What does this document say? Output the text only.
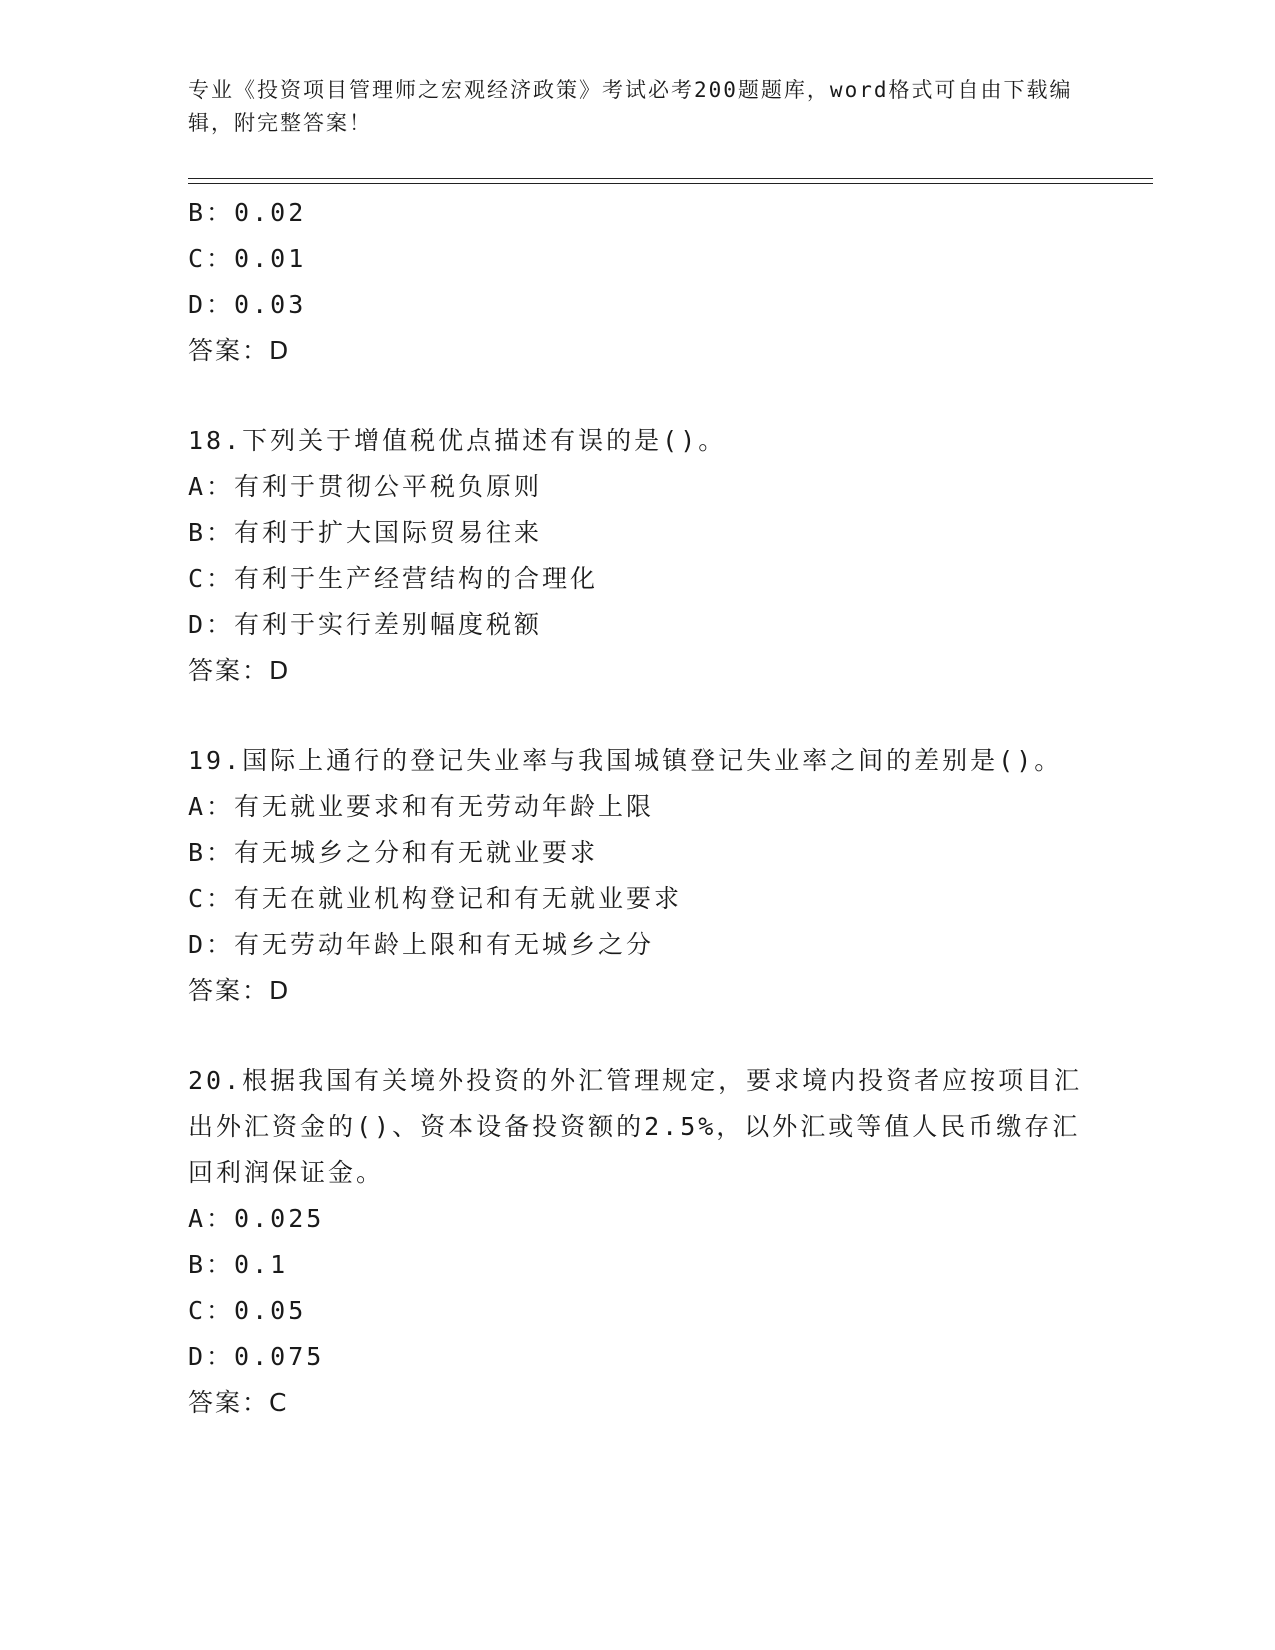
专业《投资项目管理师之宏观经济政策》考试必考200题题库，word格式可自由下载编辑，附完整答案！
B：0.02
C：0.01
D：0.03
答案：D
18.下列关于增值税优点描述有误的是()。
A：有利于贯彻公平税负原则
B：有利于扩大国际贸易往来
C：有利于生产经营结构的合理化
D：有利于实行差别幅度税额
答案：D
19.国际上通行的登记失业率与我国城镇登记失业率之间的差别是()。
A：有无就业要求和有无劳动年龄上限
B：有无城乡之分和有无就业要求
C：有无在就业机构登记和有无就业要求
D：有无劳动年龄上限和有无城乡之分
答案：D
20.根据我国有关境外投资的外汇管理规定，要求境内投资者应按项目汇出外汇资金的()、资本设备投资额的2.5%，以外汇或等值人民币缴存汇回利润保证金。
A：0.025
B：0.1
C：0.05
D：0.075
答案：C
